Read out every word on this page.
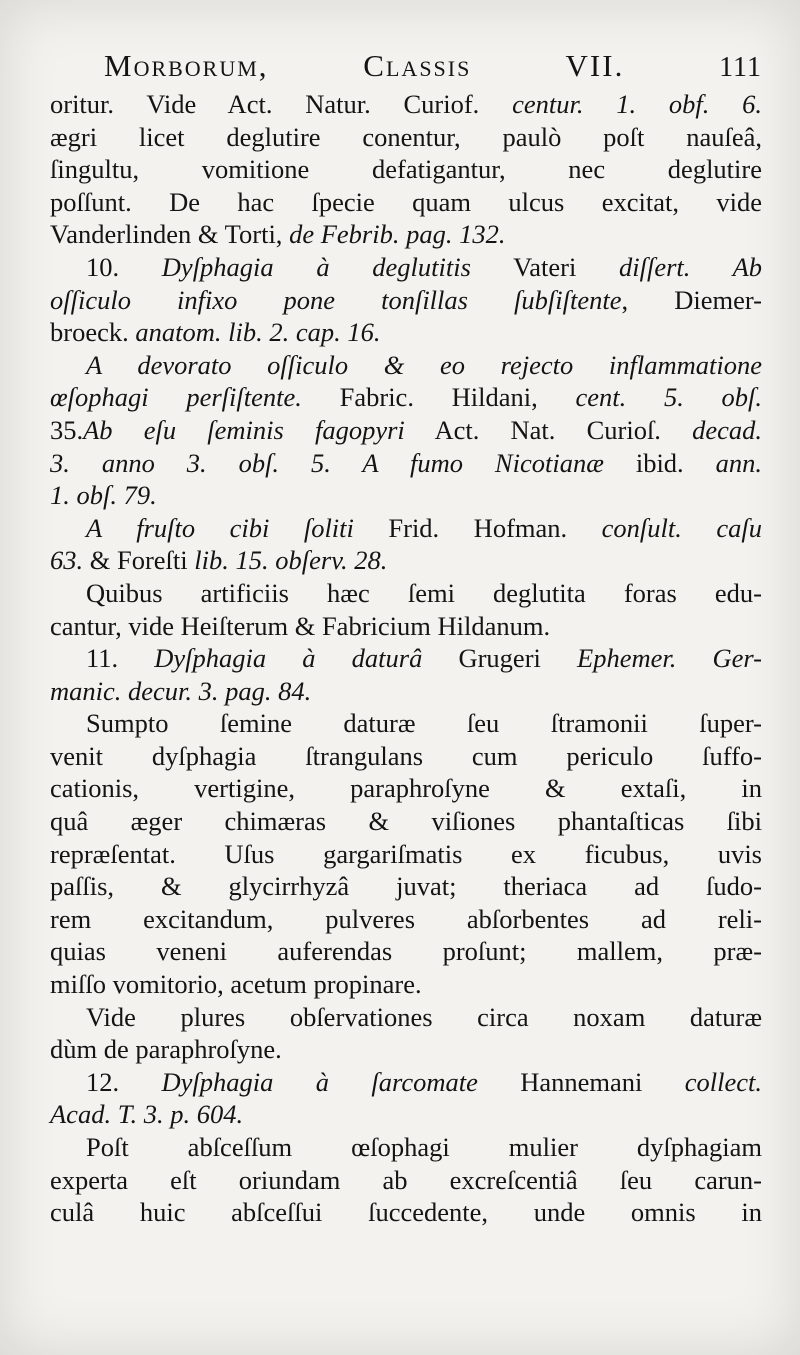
Morborum, Classis VII.	111
oritur. Vide Act. Natur. Curiof. centur. 1. obf. 6.
ægri licet deglutire conentur, paulò poſt nauſeâ,
ſingultu, vomitione defatigantur, nec deglutire
poſſunt. De hac ſpecie quam ulcus excitat, vide
Vanderlinden & Torti, de Febrib. pag. 132.
10. Dyſphagia à deglutitis Vateri diſſert. Ab
oſſiculo infixo pone tonſillas ſubſiſtente, Diemer-
broeck. anatom. lib. 2. cap. 16.
A devorato oſſiculo & eo rejecto inflammatione
œſophagi perſiſtente. Fabric. Hildani, cent. 5. obſ.
35.Ab eſu ſeminis fagopyri Act. Nat. Curioſ. decad.
3. anno 3. obſ. 5. A fumo Nicotianæ ibid. ann.
1. obſ. 79.
A fruſto cibi ſoliti Frid. Hofman. conſult. caſu
63. & Foreſti lib. 15. obſerv. 28.
Quibus artificiis hæc ſemi deglutita foras edu-
cantur, vide Heiſterum & Fabricium Hildanum.
11. Dyſphagia à daturâ Grugeri Ephemer. Ger-
manic. decur. 3. pag. 84.
Sumpto ſemine daturæ ſeu ſtramonii ſuper-
venit dyſphagia ſtrangulans cum periculo ſuffo-
cationis, vertigine, paraphroſyne & extaſi, in
quâ æger chimæras & viſiones phantaſticas ſibi
repræſentat. Uſus gargariſmatis ex ficubus, uvis
paſſis, & glycirrhyzâ juvat; theriaca ad ſudo-
rem excitandum, pulveres abſorbentes ad reli-
quias veneni auferendas proſunt; mallem, præ-
miſſo vomitorio, acetum propinare.
Vide plures obſervationes circa noxam daturæ
dùm de paraphroſyne.
12. Dyſphagia à ſarcomate Hannemani collect.
Acad. T. 3. p. 604.
Poſt abſceſſum œſophagi mulier dyſphagiam
experta eſt oriundam ab excreſcentiâ ſeu carun-
culâ huic abſceſſui ſuccedente, unde omnis in
